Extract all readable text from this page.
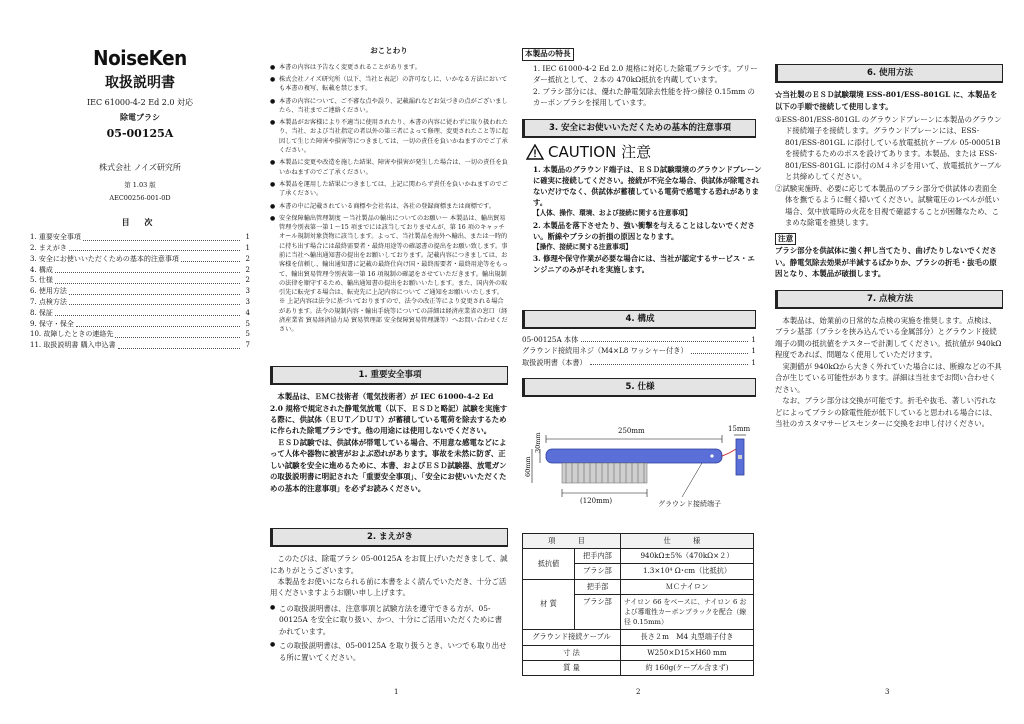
NoiseKen
取扱説明書
IEC 61000-4-2 Ed 2.0 対応
除電ブラシ
05-00125A
株式会社 ノイズ研究所
第 1.03 版
AEC00256-001-0D
目 次
1. 重要安全事項	1
2. まえがき	1
3. 安全にお使いいただくための基本的注意事項	2
4. 構成	2
5. 仕様	2
6. 使用方法	3
7. 点検方法	3
8. 保証	4
9. 保守・保全	5
10. 故障したときの連絡先	5
11. 取扱説明書 購入申込書	7
おことわり
● 本書の内容は予告なく変更されることがあります。
● 株式会社ノイズ研究所（以下、当社と表記）の許可なしに、いかなる方法においても本書の複写、転載を禁じます。
● 本書の内容について、ご不審な点や誤り、記載漏れなどお気づきの点がございましたら、当社までご連絡ください。
● 本製品がお客様により不適当に使用されたり、本書の内容に従わずに取り扱われたり、当社、および当社指定の者以外の第三者によって修理、変更されたこと等に起因して生じた障害や損害等につきましては、一切の責任を負いかねますのでご了承ください。
● 本製品に変更や改造を施した結果、障害や損害が発生した場合は、一切の責任を負いかねますのでご了承ください。
● 本製品を運用した結果につきましては、上記に関わらず責任を負いかねますのでご了承ください。
● 本書の中に記載されている商標や会社名は、各社の登録商標または商標です。
● 安全保障輸出管理制度 〜当社製品の輸出についてのお願い〜 本製品は、輸出貿易管理令別表第一第１〜15 項までには該当しておりませんが、第 16 項のキャッチオール規制対象貨物に該当します。よって、当社製品を海外へ輸出、または一時的に持ち出す場合には最終需要者・最終用途等の確認書の提出をお願い致します。事前に当社へ輸出通知書の提出をお願いしております。記載内容につきましては、お客様を信頼し、輸出通知書に記載の最終仕向け国・最終需要者・最終用途等をもって、輸出貿易管理令別表第一第 16 項規制の確認をさせていただきます。輸出規制の法律を順守するため、輸出通知書の提出をお願いいたします。また、国内外の取引先に転売する場合は、転売先に上記内容について ご通知をお願いいたします。※ 上記内容は法令に基づいておりますので、法令の改正等により変更される場合があります。法令の規制内容・輸出手続等についての詳細は経済産業省の窓口（経済産業省 貿易経済協力局 貿易管理部 安全保障貿易管理課等）へお問い合わせください。
1. 重要安全事項
本製品は、ＥＭＣ技術者（電気技術者）が IEC 61000-4-2 Ed 2.0 規格で規定された静電気放電（以下、ＥＳＤと略記）試験を実施する際に、供試体（ＥＵＴ／ＤＵＴ）が蓄積している電荷を除去するために作られた除電ブラシです。他の用途には使用しないでください。
ＥＳＤ試験では、供試体が帯電している場合、不用意な感電などによって人体や器物に被害がおよぶ恐れがあります。事故を未然に防ぎ、正しい試験を安全に進めるために、本書、およびＥＳＤ試験器、放電ガンの取扱説明書に明記された「重要安全事項」、「安全にお使いいただくための基本的注意事項」を必ずお読みください。
2. まえがき
このたびは、除電ブラシ 05-00125A をお買上げいただきまして、誠にありがとうございます。
本製品をお使いになられる前に本書をよく読んでいただき、十分ご活用くださいますようお願い申し上げます。
● この取扱説明書は、注意事項と試験方法を遵守できる方が、05-00125A を安全に取り扱い、かつ、十分にご活用いただくために書かれています。
● この取扱説明書は、05-00125A を取り扱うとき、いつでも取り出せる所に置いてください。
1
本製品の特長
1. IEC 61000-4-2 Ed 2.0 規格に対応した除電ブラシです。ブリーダー抵抗として、２本の 470kΩ抵抗を内蔵しています。
2. ブラシ部分には、優れた静電気除去性能を持つ線径 0.15mm のカーボンブラシを採用しています。
3. 安全にお使いいただくための基本的注意事項
CAUTION 注意
1. 本製品のグラウンド端子は、ＥＳＤ試験環境のグラウンドプレーンに確実に接続してください。接続が不完全な場合、供試体が除電されないだけでなく、供試体が蓄積している電荷で感電する恐れがあります。
【人体、操作、環境、および接続に関する注意事項】
2. 本製品を落下させたり、強い衝撃を与えることはしないでください。断線やブラシの折損の原因となります。
【操作、接続に関する注意事項】
3. 修理や保守作業が必要な場合には、当社が認定するサービス・エンジニアのみがそれを実施します。
4. 構成
05-00125A 本体	1
グラウンド接続用ネジ（M4×L8 ワッシャー付き）	1
取扱説明書（本書）	1
5. 仕様
250mm	15mm
30mm
60mm
(120mm)	グラウンド接続端子
項 目		仕 様
抵抗値	把手内部	940kΩ±5%（470kΩ×２）
	ブラシ部	1.3×10⁴ Ω･cm（比抵抗）
材 質	把手部	ＭＣナイロン
	ブラシ部	ナイロン 66 をベースに、ナイロン 6 および導電性カーボンブラックを配合（線径 0.15mm）
グラウンド接続ケーブル		長さ２m　M4 丸型端子付き
寸 法		W250×D15×H60 mm
質 量		約 160g(ケーブル含まず)
2
6. 使用方法
☆当社製のＥＳＤ試験環境 ESS-801/ESS-801GL に、本製品を以下の手順で接続して使用します。
①ESS-801/ESS-801GL のグラウンドプレーンに本製品のグラウンド接続端子を接続します。グラウンドプレーンには、ESS-801/ESS-801GL に添付している放電抵抗ケーブル 05-00051B を接続するためのボスを設けてあります。本製品、または ESS-801/ESS-801GL に添付のＭ４ネジを用いて、放電抵抗ケーブルと共締めしてください。
②試験実施時、必要に応じて本製品のブラシ部分で供試体の表面全体を撫でるように軽く掃いてください。試験電圧のレベルが低い場合、気中放電時の火花を目視で確認することが困難なため、こまめな除電を推奨します。
注意
ブラシ部分を供試体に強く押し当てたり、曲げたりしないでください。静電気除去効果が半減するばかりか、ブラシの折毛・抜毛の原因となり、本製品が破損します。
7. 点検方法
本製品は、始業前の日常的な点検の実施を推奨します。点検は、ブラシ基部（ブラシを挟み込んでいる金属部分）とグラウンド接続端子の間の抵抗値をテスターで計測してください。抵抗値が 940kΩ程度であれば、問題なく使用していただけます。
実測値が 940kΩから大きく外れていた場合には、断線などの不具合が生じている可能性があります。詳細は当社までお問い合わせください。
なお、ブラシ部分は交換が可能です。折毛や抜毛、著しい汚れなどによってブラシの除電性能が低下していると思われる場合には、当社のカスタマサービスセンターに交換をお申し付けください。
3
